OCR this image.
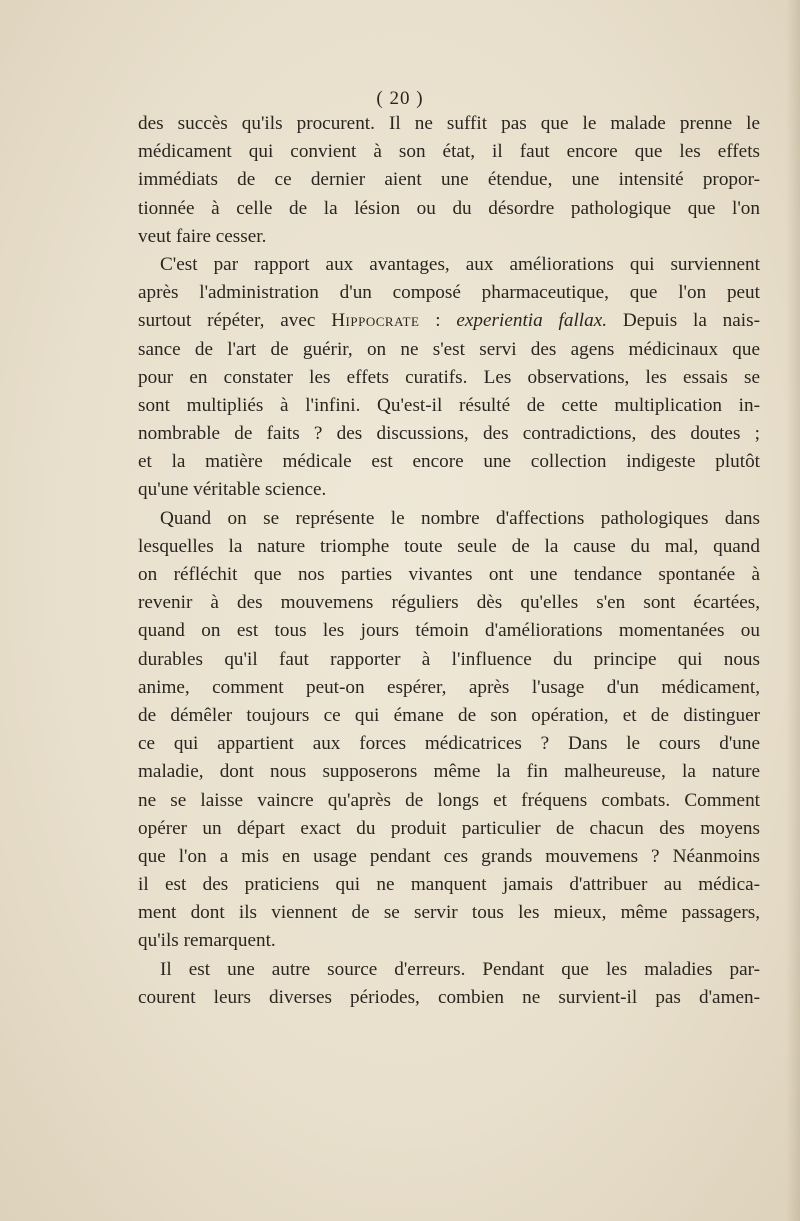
( 20 )
des succès qu'ils procurent. Il ne suffit pas que le malade prenne le
médicament qui convient à son état, il faut encore que les effets
immédiats de ce dernier aient une étendue, une intensité propor-
tionnée à celle de la lésion ou du désordre pathologique que l'on
veut faire cesser.
C'est par rapport aux avantages, aux améliorations qui surviennent
après l'administration d'un composé pharmaceutique, que l'on peut
surtout répéter, avec Hippocrate : experientia fallax. Depuis la nais-
sance de l'art de guérir, on ne s'est servi des agens médicinaux que
pour en constater les effets curatifs. Les observations, les essais se
sont multipliés à l'infini. Qu'est-il résulté de cette multiplication in-
nombrable de faits ? des discussions, des contradictions, des doutes ;
et la matière médicale est encore une collection indigeste plutôt
qu'une véritable science.
Quand on se représente le nombre d'affections pathologiques dans
lesquelles la nature triomphe toute seule de la cause du mal, quand
on réfléchit que nos parties vivantes ont une tendance spontanée à
revenir à des mouvemens réguliers dès qu'elles s'en sont écartées,
quand on est tous les jours témoin d'améliorations momentanées ou
durables qu'il faut rapporter à l'influence du principe qui nous
anime, comment peut-on espérer, après l'usage d'un médicament,
de démêler toujours ce qui émane de son opération, et de distinguer
ce qui appartient aux forces médicatrices ? Dans le cours d'une
maladie, dont nous supposerons même la fin malheureuse, la nature
ne se laisse vaincre qu'après de longs et fréquens combats. Comment
opérer un départ exact du produit particulier de chacun des moyens
que l'on a mis en usage pendant ces grands mouvemens ? Néanmoins
il est des praticiens qui ne manquent jamais d'attribuer au médica-
ment dont ils viennent de se servir tous les mieux, même passagers,
qu'ils remarquent.
Il est une autre source d'erreurs. Pendant que les maladies par-
courent leurs diverses périodes, combien ne survient-il pas d'amen-
